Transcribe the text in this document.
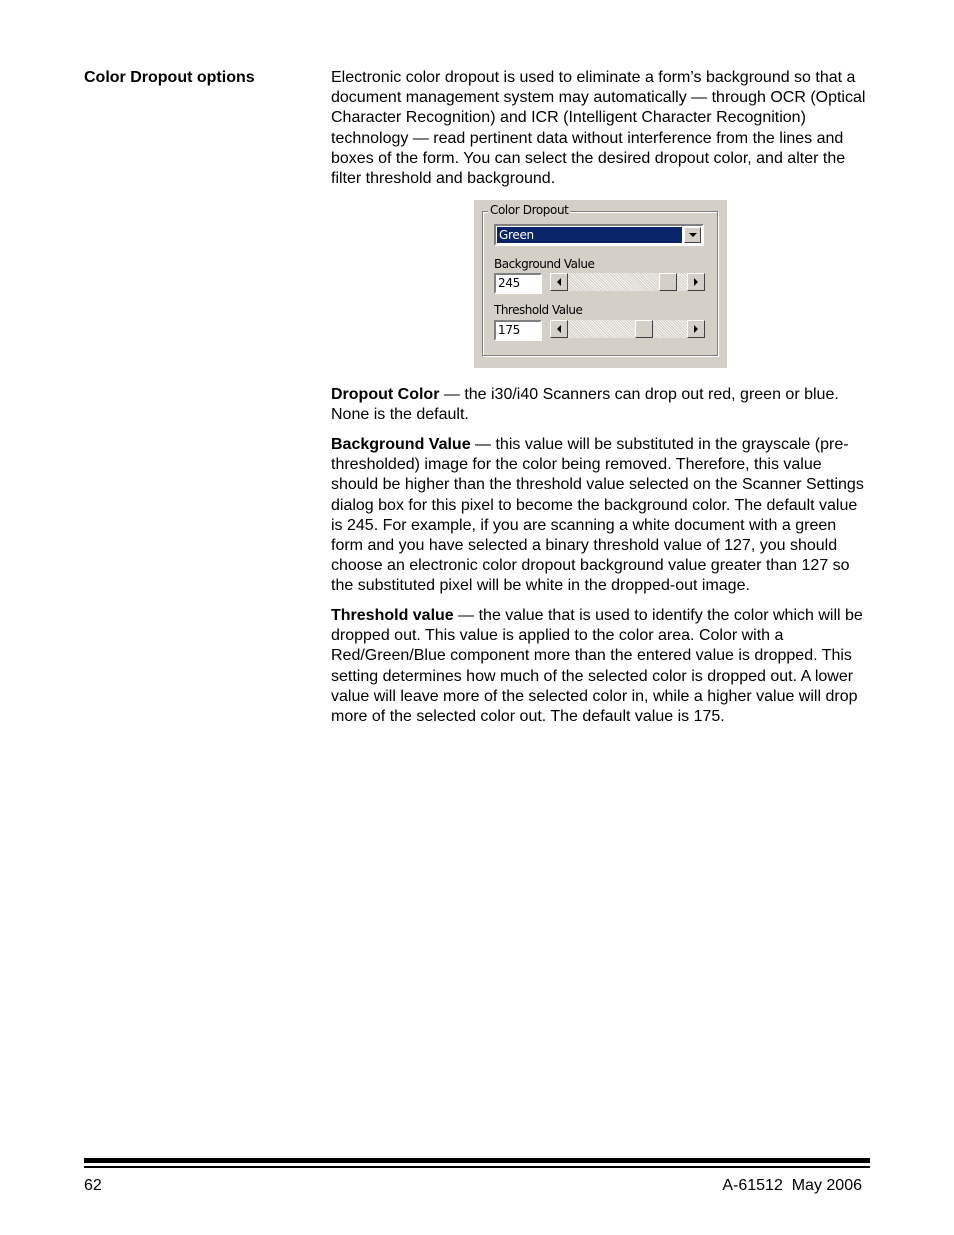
Color Dropout options	Electronic color dropout is used to eliminate a form’s background so that a document management system may automatically — through OCR (Optical Character Recognition) and ICR (Intelligent Character Recognition) technology — read pertinent data without interference from the lines and boxes of the form. You can select the desired dropout color, and alter the filter threshold and background.

Color Dropout
Green
Background Value
245
Threshold Value
175

Dropout Color — the i30/i40 Scanners can drop out red, green or blue. None is the default.

Background Value — this value will be substituted in the grayscale (pre-thresholded) image for the color being removed. Therefore, this value should be higher than the threshold value selected on the Scanner Settings dialog box for this pixel to become the background color. The default value is 245. For example, if you are scanning a white document with a green form and you have selected a binary threshold value of 127, you should choose an electronic color dropout background value greater than 127 so the substituted pixel will be white in the dropped-out image.

Threshold value — the value that is used to identify the color which will be dropped out. This value is applied to the color area. Color with a Red/Green/Blue component more than the entered value is dropped. This setting determines how much of the selected color is dropped out. A lower value will leave more of the selected color in, while a higher value will drop more of the selected color out. The default value is 175.

62	A-61512  May 2006
